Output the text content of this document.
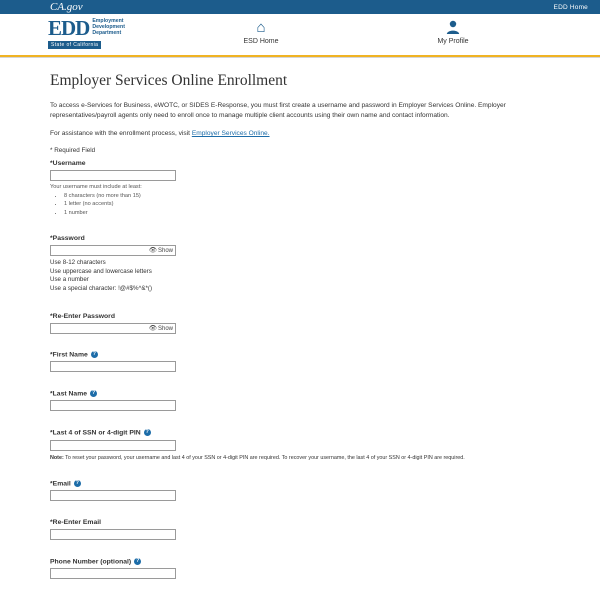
CA.gov	EDD Home
EDD Employment
Development
Department
State of California
⌂
ESD Home	My Profile
Employer Services Online Enrollment

To access e-Services for Business, eWOTC, or SIDES E-Response, you must first create a username and password in Employer Services Online. Employer representatives/payroll agents only need to enroll once to manage multiple client accounts using their own name and contact information.

For assistance with the enrollment process, visit Employer Services Online.

* Required Field
*Username
Your username must include at least:
• 8 characters (no more than 15)
• 1 letter (no accents)
• 1 number
*Password
👁Show
Use 8-12 characters
Use uppercase and lowercase letters
Use a number
Use a special character: !@#$%^&*()
*Re-Enter Password
👁Show
*First Name ?
*Last Name ?
*Last 4 of SSN or 4-digit PIN ?
Note: To reset your password, your username and last 4 of your SSN or 4-digit PIN are required. To recover your username, the last 4 of your SSN or 4-digit PIN are required.
*Email ?
*Re-Enter Email
Phone Number (optional) ?
